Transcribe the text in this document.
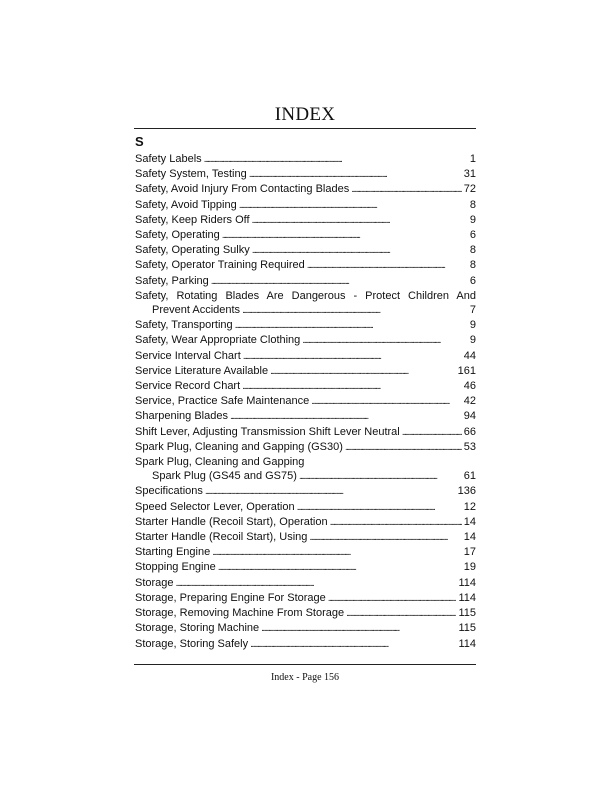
INDEX
S
Safety Labels . . .	1
Safety System, Testing . . .	31
Safety, Avoid Injury From Contacting Blades . . .	72
Safety, Avoid Tipping . . .	8
Safety, Keep Riders Off . . .	9
Safety, Operating . . .	6
Safety, Operating Sulky . . .	8
Safety, Operator Training Required . . .	8
Safety, Parking . . .	6
Safety, Rotating Blades Are Dangerous - Protect Children And
Prevent Accidents . . .	7
Safety, Transporting . . .	9
Safety, Wear Appropriate Clothing . . .	9
Service Interval Chart . . .	44
Service Literature Available . . .	161
Service Record Chart . . .	46
Service, Practice Safe Maintenance . . .	42
Sharpening Blades . . .	94
Shift Lever, Adjusting Transmission Shift Lever Neutral . . .	66
Spark Plug, Cleaning and Gapping (GS30) . . .	53
Spark Plug, Cleaning and Gapping
Spark Plug (GS45 and GS75) . . .	61
Specifications . . .	136
Speed Selector Lever, Operation . . .	12
Starter Handle (Recoil Start), Operation . . .	14
Starter Handle (Recoil Start), Using . . .	14
Starting Engine . . .	17
Stopping Engine . . .	19
Storage . . .	114
Storage, Preparing Engine For Storage . . .	114
Storage, Removing Machine From Storage . . .	115
Storage, Storing Machine . . .	115
Storage, Storing Safely . . .	114
Index - Page 156
